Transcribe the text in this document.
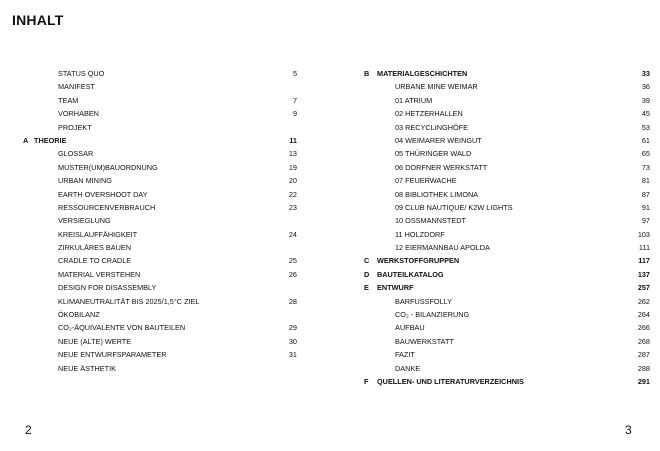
INHALT
STATUS QUO	5
MANIFEST
TEAM	7
VORHABEN	9
PROJEKT
A THEORIE	11
GLOSSAR	13
MUSTER(UM)BAUORDNUNG	19
URBAN MINING	20
EARTH OVERSHOOT DAY	22
RESSOURCENVERBRAUCH	23
VERSIEGLUNG
KREISLAUFFÄHIGKEIT	24
ZIRKULÄRES BAUEN
CRADLE TO CRADLE	25
MATERIAL VERSTEHEN	26
DESIGN FOR DISASSEMBLY
KLIMANEUTRALITÄT BIS 2025/1,5°C ZIEL	28
ÖKOBILANZ
CO₂-ÄQUIVALENTE VON BAUTEILEN	29
NEUE (ALTE) WERTE	30
NEUE ENTWURFSPARAMETER	31
NEUE ÄSTHETIK
B MATERIALGESCHICHTEN	33
URBANE MINE WEIMAR	36
01 ATRIUM	39
02 HETZERHALLEN	45
03 RECYCLINGHÖFE	53
04 WEIMARER WEINGUT	61
05 THÜRINGER WALD	65
06 DORFNER WERKSTATT	73
07 FEUERWACHE	81
08 BIBLIOTHEK LIMONA	87
09 CLUB NAUTIQUE/ K2W LIGHTS	91
10 OSSMANNSTEDT	97
11 HOLZDORF	103
12 EIERMANNBAU APOLDA	111
C WERKSTOFFGRUPPEN	117
D BAUTEILKATALOG	137
E ENTWURF	257
BARFUSSFOLLY	262
CO₂ - BILANZIERUNG	264
AUFBAU	266
BAUWERKSTATT	268
FAZIT	287
DANKE	288
F QUELLEN- UND LITERATURVERZEICHNIS	291
2	3
